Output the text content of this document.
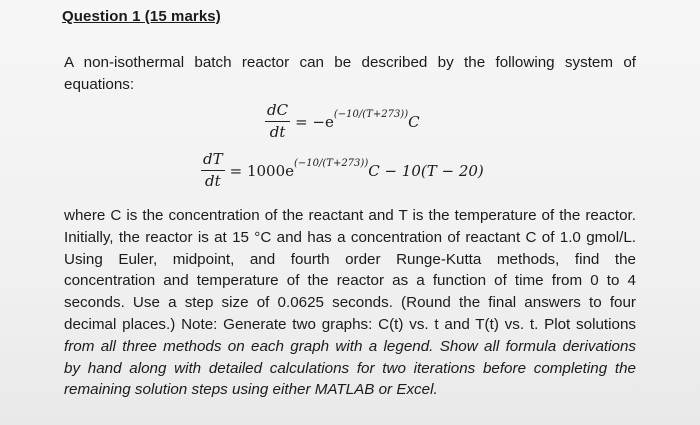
Question 1 (15 marks)
A non-isothermal batch reactor can be described by the following system of equations:
$\frac{dC}{dt} = -e^{(-10/(T+273))}C$
$\frac{dT}{dt} = 1000e^{(-10/(T+273))}C - 10(T - 20)$
where C is the concentration of the reactant and T is the temperature of the reactor.
Initially, the reactor is at 15 °C and has a concentration of reactant C of 1.0 gmol/L.
Using Euler, midpoint, and fourth order Runge-Kutta methods, find the
concentration and temperature of the reactor as a function of time from 0 to 4
seconds. Use a step size of 0.0625 seconds. (Round the final answers to four
decimal places.) Note: Generate two graphs: C(t) vs. t and T(t) vs. t. Plot solutions
from all three methods on each graph with a legend. Show all formula derivations
by hand along with detailed calculations for two iterations before completing the
remaining solution steps using either MATLAB or Excel.
